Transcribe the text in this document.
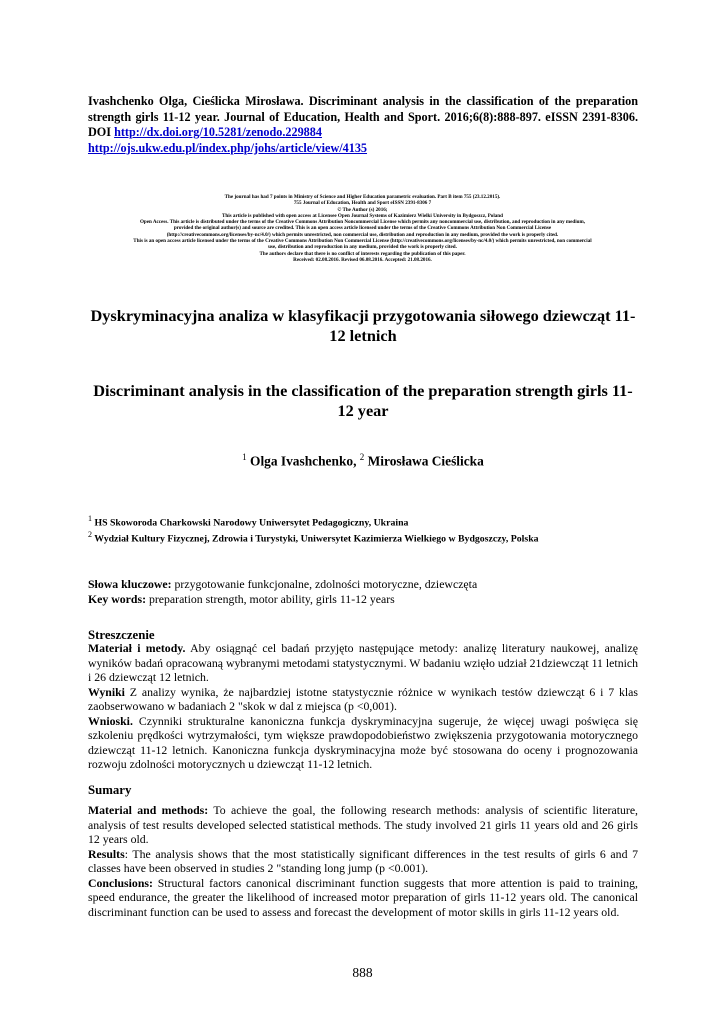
Ivashchenko Olga, Cieślicka Mirosława. Discriminant analysis in the classification of the preparation strength girls 11-12 year. Journal of Education, Health and Sport. 2016;6(8):888-897. eISSN 2391-8306. DOI http://dx.doi.org/10.5281/zenodo.229884
http://ojs.ukw.edu.pl/index.php/johs/article/view/4135
The journal has had 7 points in Ministry of Science and Higher Education parametric evaluation. Part B item 755 (23.12.2015).
755 Journal of Education, Health and Sport eISSN 2391-8306 7
© The Author (s) 2016;
This article is published with open access at Licensee Open Journal Systems of Kazimierz Wielki University in Bydgoszcz, Poland
Open Access. This article is distributed under the terms of the Creative Commons Attribution Noncommercial License which permits any noncommercial use, distribution, and reproduction in any medium,
provided the original author(s) and source are credited. This is an open access article licensed under the terms of the Creative Commons Attribution Non Commercial License
(http://creativecommons.org/licenses/by-nc/4.0/) which permits unrestricted, non commercial use, distribution and reproduction in any medium, provided the work is properly cited.
This is an open access article licensed under the terms of the Creative Commons Attribution Non Commercial License (http://creativecommons.org/licenses/by-nc/4.0/) which permits unrestricted, non commercial
use, distribution and reproduction in any medium, provided the work is properly cited.
The authors declare that there is no conflict of interests regarding the publication of this paper.
Received: 02.08.2016. Revised 06.08.2016. Accepted: 21.08.2016.
Dyskryminacyjna analiza w klasyfikacji przygotowania siłowego dziewcząt 11-12 letnich
Discriminant analysis in the classification of the preparation strength girls 11-12 year
$^1$ Olga Ivashchenko, $^2$ Mirosława Cieślicka
$^1$ HS Skoworoda Charkowski Narodowy Uniwersytet Pedagogiczny, Ukraina
$^2$ Wydział Kultury Fizycznej, Zdrowia i Turystyki, Uniwersytet Kazimierza Wielkiego w Bydgoszczy, Polska
Słowa kluczowe: przygotowanie funkcjonalne, zdolności motoryczne, dziewczęta
Key words: preparation strength, motor ability, girls 11-12 years
Streszczenie
Materiał i metody. Aby osiągnąć cel badań przyjęto następujące metody: analizę literatury naukowej, analizę wyników badań opracowaną wybranymi metodami statystycznymi. W badaniu wzięło udział 21dziewcząt 11 letnich i 26 dziewcząt 12 letnich.
Wyniki Z analizy wynika, że najbardziej istotne statystycznie różnice w wynikach testów dziewcząt 6 i 7 klas zaobserwowano w badaniach 2 "skok w dal z miejsca (p <0,001).
Wnioski. Czynniki strukturalne kanoniczna funkcja dyskryminacyjna sugeruje, że więcej uwagi poświęca się szkoleniu prędkości wytrzymałości, tym większe prawdopodobieństwo zwiększenia przygotowania motorycznego dziewcząt 11-12 letnich. Kanoniczna funkcja dyskryminacyjna może być stosowana do oceny i prognozowania rozwoju zdolności motorycznych u dziewcząt 11-12 letnich.
Sumary
Material and methods: To achieve the goal, the following research methods: analysis of scientific literature, analysis of test results developed selected statistical methods. The study involved 21 girls 11 years old and 26 girls 12 years old.
Results: The analysis shows that the most statistically significant differences in the test results of girls 6 and 7 classes have been observed in studies 2 "standing long jump (p <0.001).
Conclusions: Structural factors canonical discriminant function suggests that more attention is paid to training, speed endurance, the greater the likelihood of increased motor preparation of girls 11-12 years old. The canonical discriminant function can be used to assess and forecast the development of motor skills in girls 11-12 years old.
888
